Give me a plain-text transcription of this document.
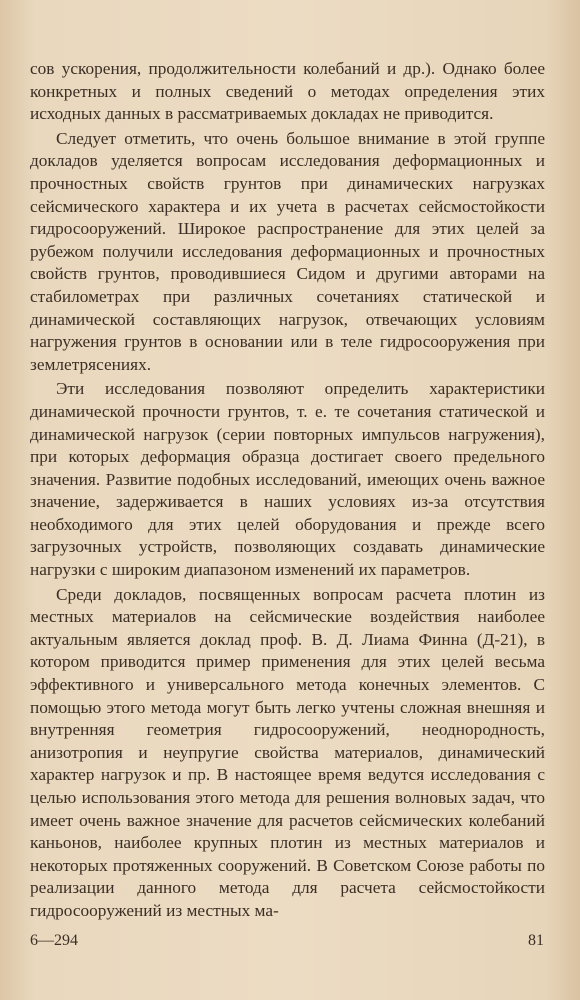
сов ускорения, продолжительности колебаний и др.). Однако более конкретных и полных сведений о методах определения этих исходных данных в рассматриваемых докладах не приводится.

Следует отметить, что очень большое внимание в этой группе докладов уделяется вопросам исследования деформационных и прочностных свойств грунтов при динамических нагрузках сейсмического характера и их учета в расчетах сейсмостойкости гидросооружений. Широкое распространение для этих целей за рубежом получили исследования деформационных и прочностных свойств грунтов, проводившиеся Сидом и другими авторами на стабилометрах при различных сочетаниях статической и динамической составляющих нагрузок, отвечающих условиям нагружения грунтов в основании или в теле гидросооружения при землетрясениях.

Эти исследования позволяют определить характеристики динамической прочности грунтов, т. е. те сочетания статической и динамической нагрузок (серии повторных импульсов нагружения), при которых деформация образца достигает своего предельного значения. Развитие подобных исследований, имеющих очень важное значение, задерживается в наших условиях из-за отсутствия необходимого для этих целей оборудования и прежде всего загрузочных устройств, позволяющих создавать динамические нагрузки с широким диапазоном изменений их параметров.

Среди докладов, посвященных вопросам расчета плотин из местных материалов на сейсмические воздействия наиболее актуальным является доклад проф. В. Д. Лиама Финна (Д-21), в котором приводится пример применения для этих целей весьма эффективного и универсального метода конечных элементов. С помощью этого метода могут быть легко учтены сложная внешняя и внутренняя геометрия гидросооружений, неоднородность, анизотропия и неупругие свойства материалов, динамический характер нагрузок и пр. В настоящее время ведутся исследования с целью использования этого метода для решения волновых задач, что имеет очень важное значение для расчетов сейсмических колебаний каньонов, наиболее крупных плотин из местных материалов и некоторых протяженных сооружений. В Советском Союзе работы по реализации данного метода для расчета сейсмостойкости гидросооружений из местных ма-

6—294	81
